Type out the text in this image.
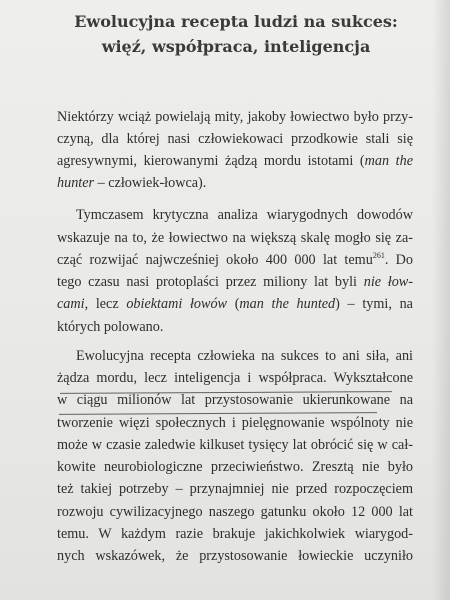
Ewolucyjna recepta ludzi na sukces:
więź, współpraca, inteligencja
Niektórzy wciąż powielają mity, jakoby łowiectwo było przy-
czyną, dla której nasi człowiekowaci przodkowie stali się
agresywnymi, kierowanymi żądzą mordu istotami (man the
hunter – człowiek-łowca).
Tymczasem krytyczna analiza wiarygodnych dowodów
wskazuje na to, że łowiectwo na większą skalę mogło się za-
cząć rozwijać najwcześniej około 400 000 lat temu$^{261}$. Do
tego czasu nasi protoplaści przez miliony lat byli nie łow-
cami, lecz obiektami łowów (man the hunted) – tymi, na
których polowano.
Ewolucyjna recepta człowieka na sukces to ani siła, ani
żądza mordu, lecz inteligencja i współpraca. Wykształcone
w ciągu milionów lat przystosowanie ukierunkowane na
tworzenie więzi społecznych i pielęgnowanie wspólnoty nie
może w czasie zaledwie kilkuset tysięcy lat obrócić się w cał-
kowite neurobiologiczne przeciwieństwo. Zresztą nie było
też takiej potrzeby – przynajmniej nie przed rozpoczęciem
rozwoju cywilizacyjnego naszego gatunku około 12 000 lat
temu. W każdym razie brakuje jakichkolwiek wiarygod-
nych wskazówek, że przystosowanie łowieckie uczyniło
